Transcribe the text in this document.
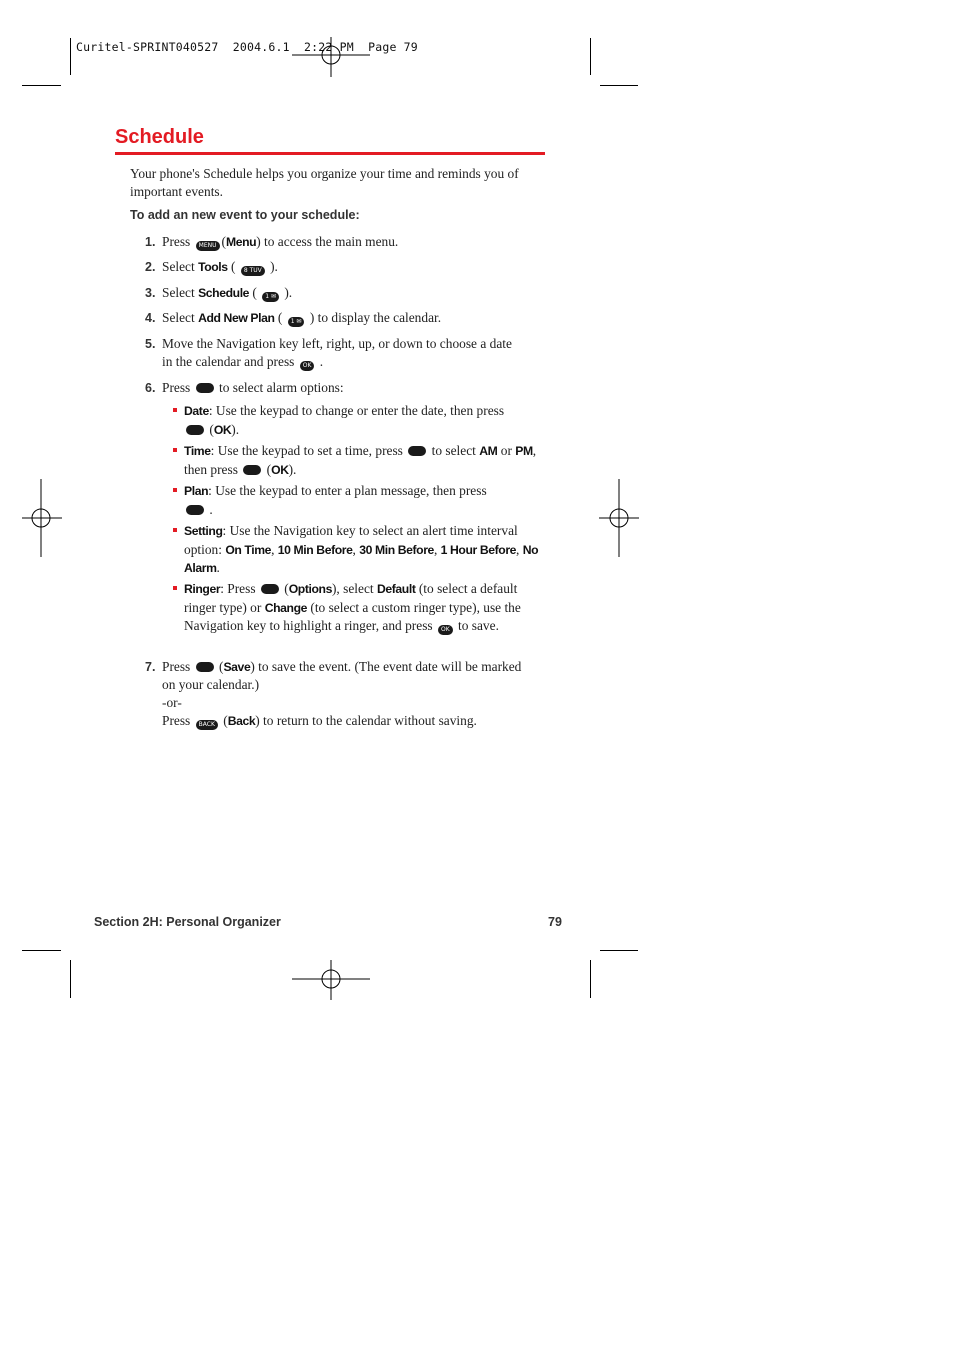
Curitel-SPRINT040527  2004.6.1  2:22 PM  Page 79
Schedule
Your phone's Schedule helps you organize your time and reminds you of important events.
To add an new event to your schedule:
1. Press MENU (Menu) to access the main menu.
2. Select Tools ( 8 TUV ).
3. Select Schedule ( 1 ✉ ).
4. Select Add New Plan ( 1 ✉ ) to display the calendar.
5. Move the Navigation key left, right, up, or down to choose a date in the calendar and press OK .
6. Press to select alarm options:
Date: Use the keypad to change or enter the date, then press  (OK).
Time: Use the keypad to set a time, press to select AM or PM, then press  (OK).
Plan: Use the keypad to enter a plan message, then press  .
Setting: Use the Navigation key to select an alert time interval option: On Time, 10 Min Before, 30 Min Before, 1 Hour Before, No Alarm.
Ringer: Press  (Options), select Default (to select a default ringer type) or Change (to select a custom ringer type), use the Navigation key to highlight a ringer, and press OK to save.
7. Press  (Save) to save the event. (The event date will be marked on your calendar.)
-or-
Press BACK (Back) to return to the calendar without saving.
Section 2H: Personal Organizer	79
